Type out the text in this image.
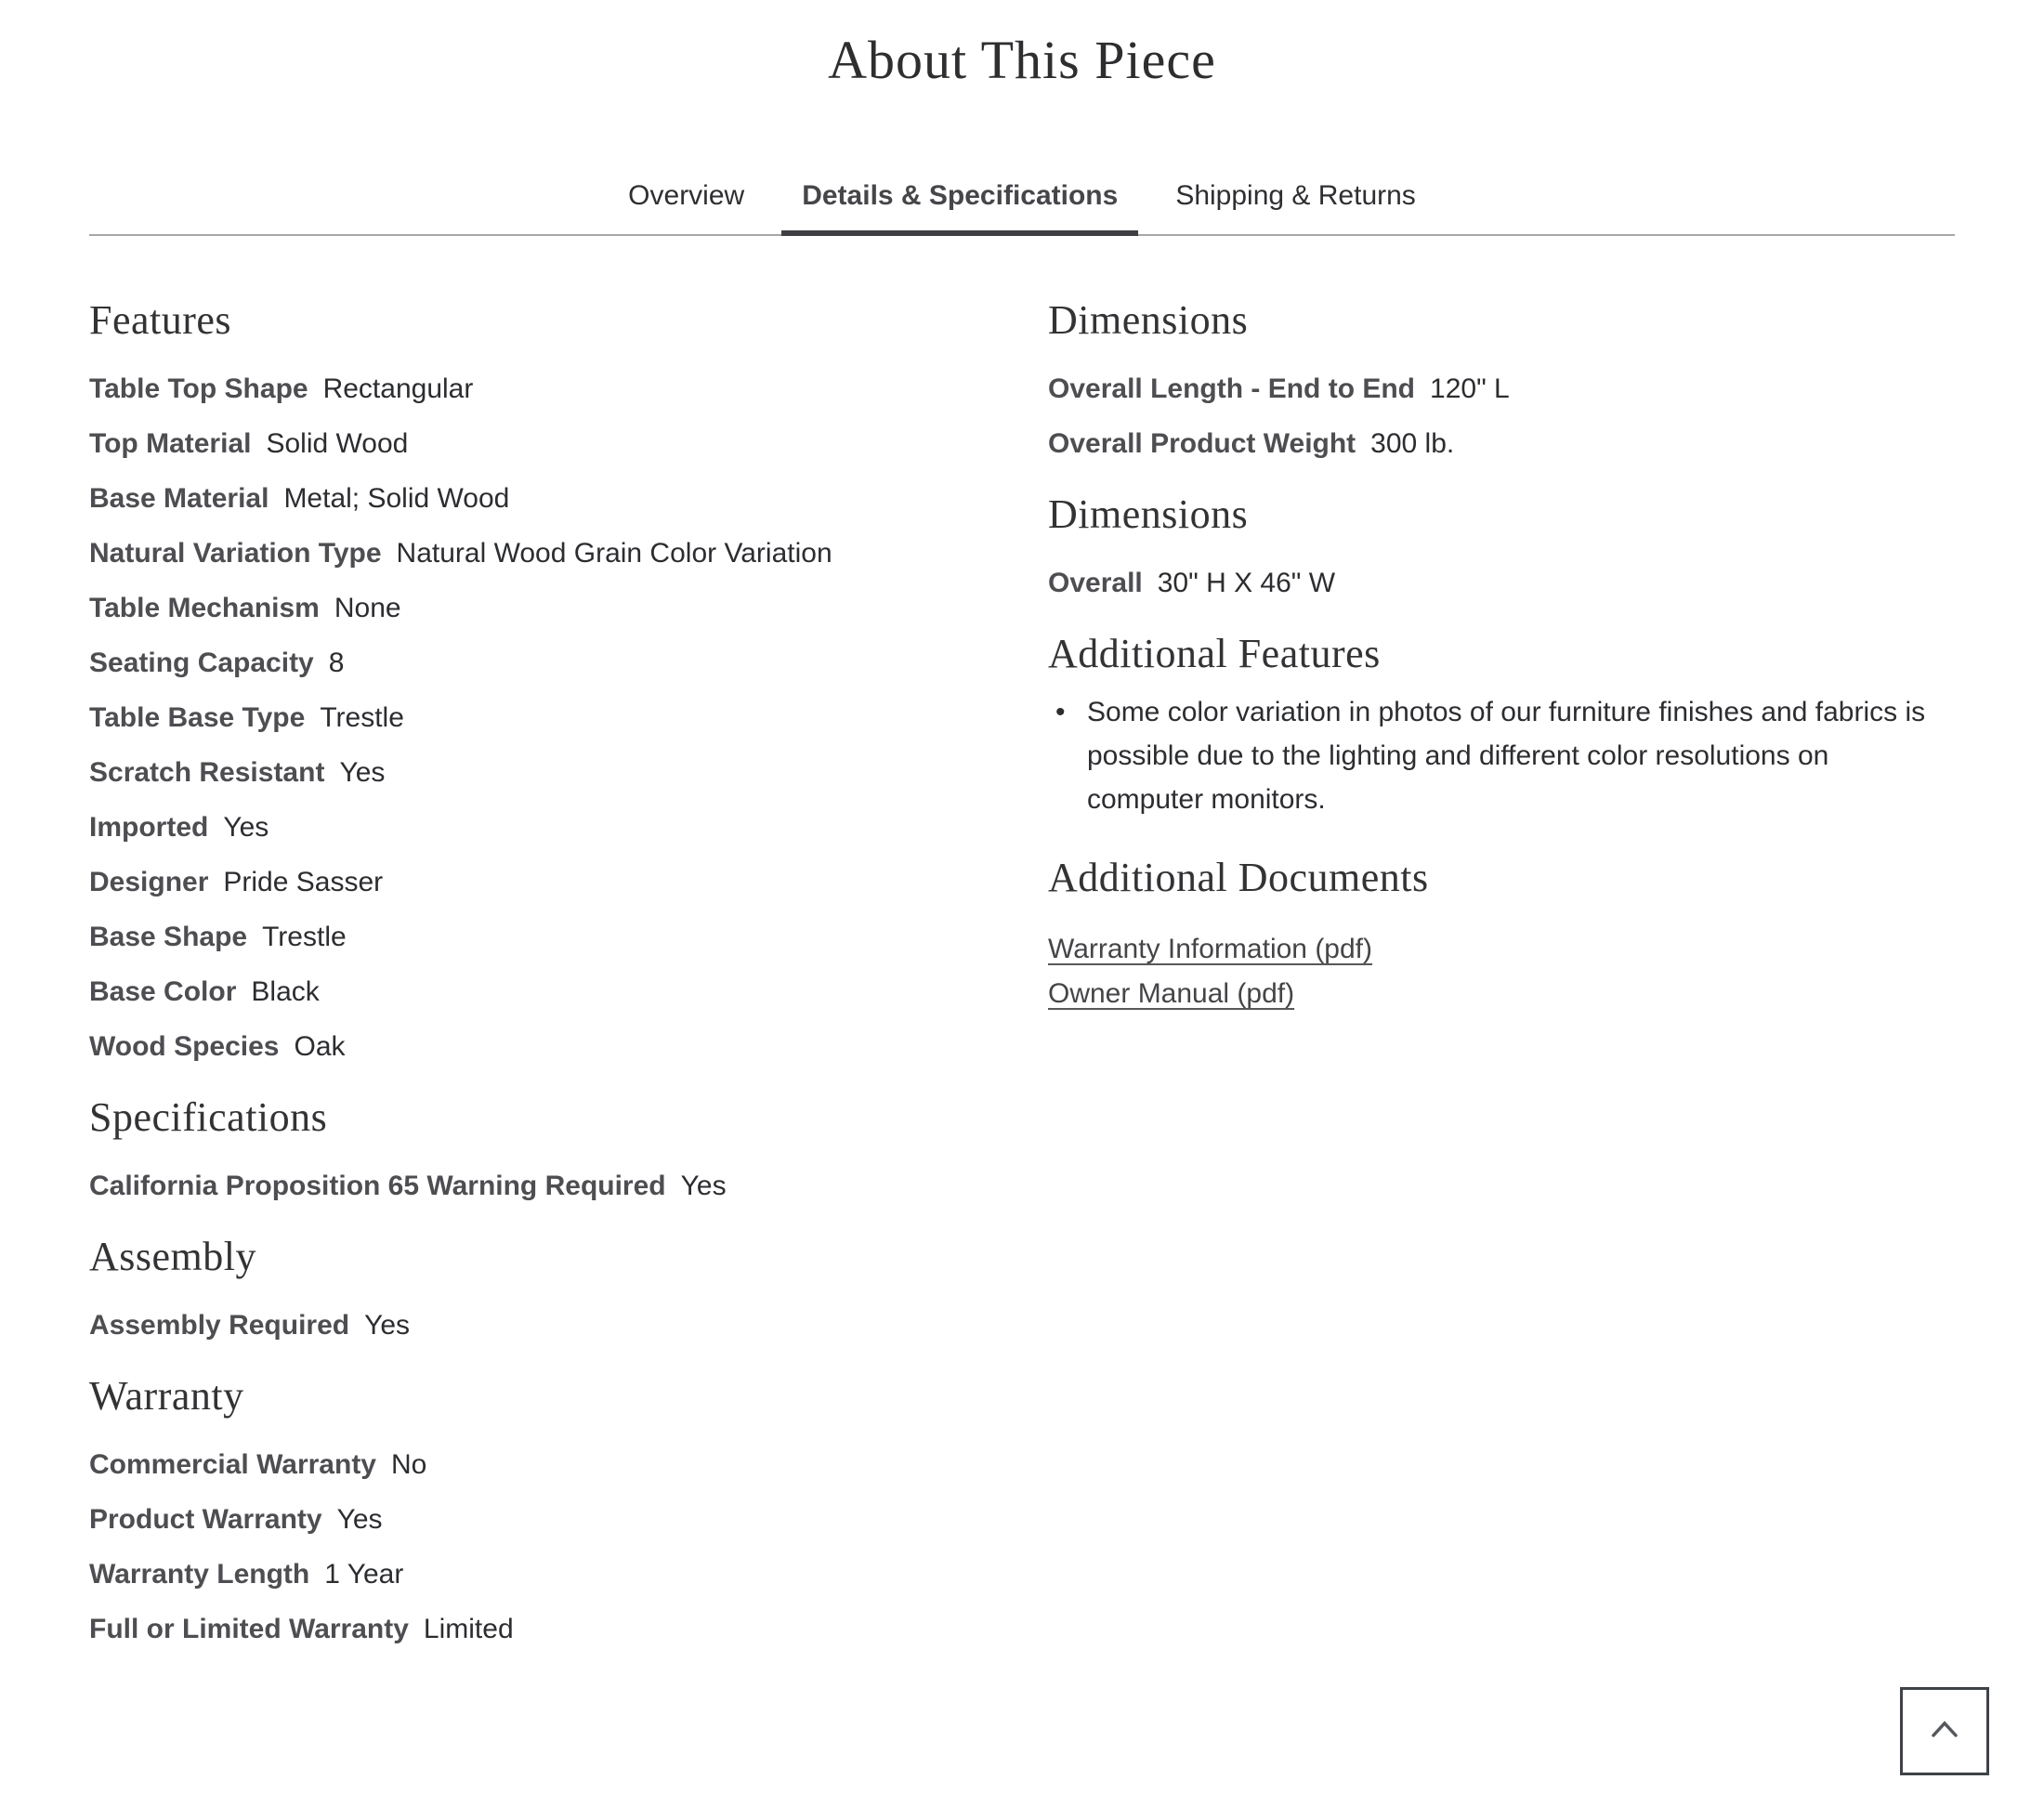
About This Piece
Overview	Details & Specifications	Shipping & Returns
Features
Table Top Shape Rectangular
Top Material Solid Wood
Base Material Metal; Solid Wood
Natural Variation Type Natural Wood Grain Color Variation
Table Mechanism None
Seating Capacity 8
Table Base Type Trestle
Scratch Resistant Yes
Imported Yes
Designer Pride Sasser
Base Shape Trestle
Base Color Black
Wood Species Oak
Specifications
California Proposition 65 Warning Required Yes
Assembly
Assembly Required Yes
Warranty
Commercial Warranty No
Product Warranty Yes
Warranty Length 1 Year
Full or Limited Warranty Limited
Dimensions
Overall Length - End to End 120" L
Overall Product Weight 300 lb.
Dimensions
Overall 30" H X 46" W
Additional Features
• Some color variation in photos of our furniture finishes and fabrics is possible due to the lighting and different color resolutions on computer monitors.
Additional Documents
Warranty Information (pdf)
Owner Manual (pdf)
